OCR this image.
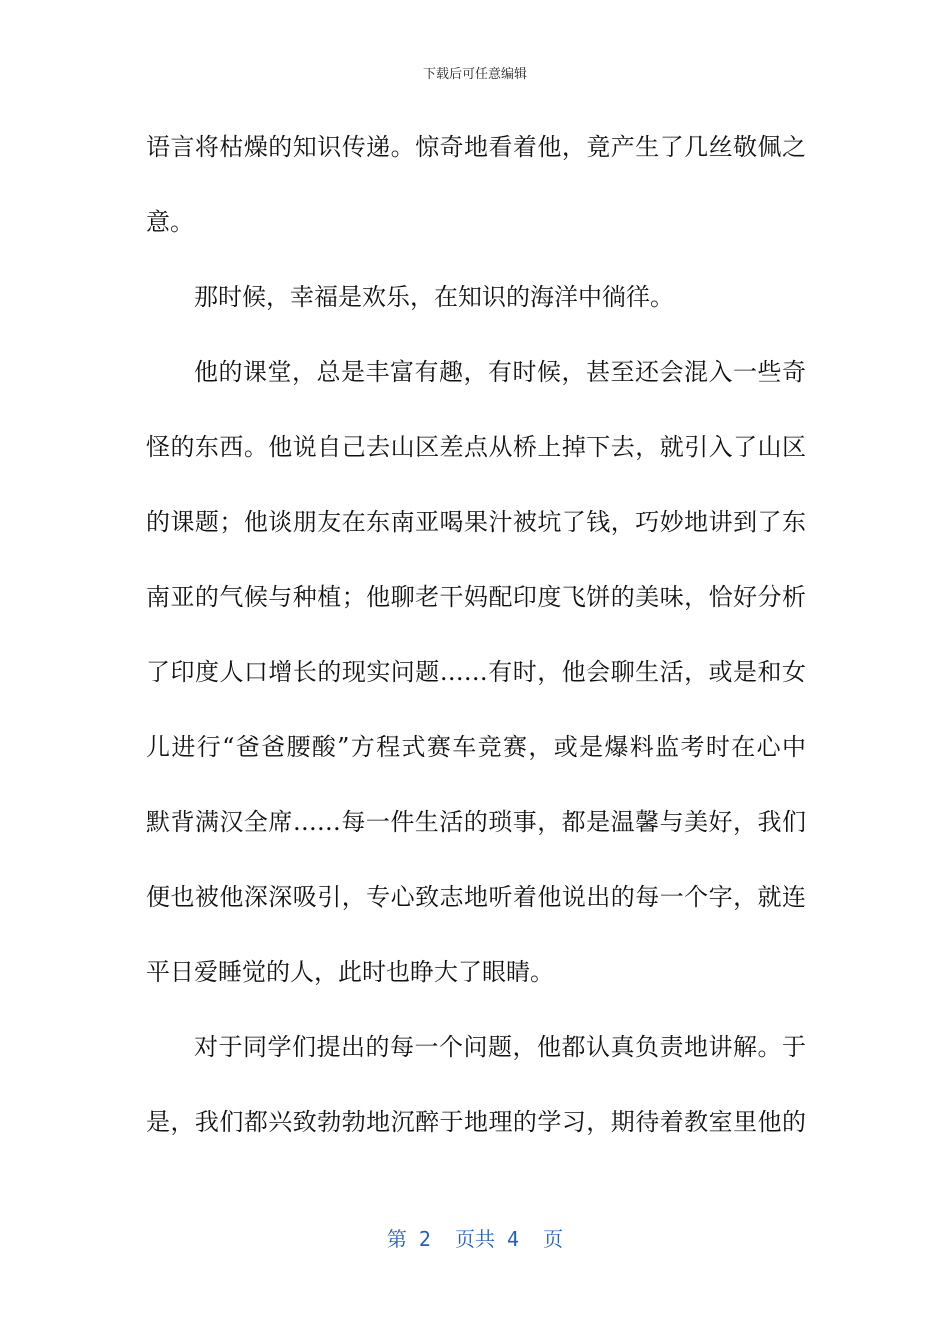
下载后可任意编辑
语言将枯燥的知识传递。惊奇地看着他，竟产生了几丝敬佩之
意。
那时候，幸福是欢乐，在知识的海洋中徜徉。
他的课堂，总是丰富有趣，有时候，甚至还会混入一些奇
怪的东西。他说自己去山区差点从桥上掉下去，就引入了山区
的课题；他谈朋友在东南亚喝果汁被坑了钱，巧妙地讲到了东
南亚的气候与种植；他聊老干妈配印度飞饼的美味，恰好分析
了印度人口增长的现实问题……有时，他会聊生活，或是和女
儿进行“爸爸腰酸”方程式赛车竞赛，或是爆料监考时在心中
默背满汉全席……每一件生活的琐事，都是温馨与美好，我们
便也被他深深吸引，专心致志地听着他说出的每一个字，就连
平日爱睡觉的人，此时也睁大了眼睛。
对于同学们提出的每一个问题，他都认真负责地讲解。于
是，我们都兴致勃勃地沉醉于地理的学习，期待着教室里他的
第 2  页共 4  页
